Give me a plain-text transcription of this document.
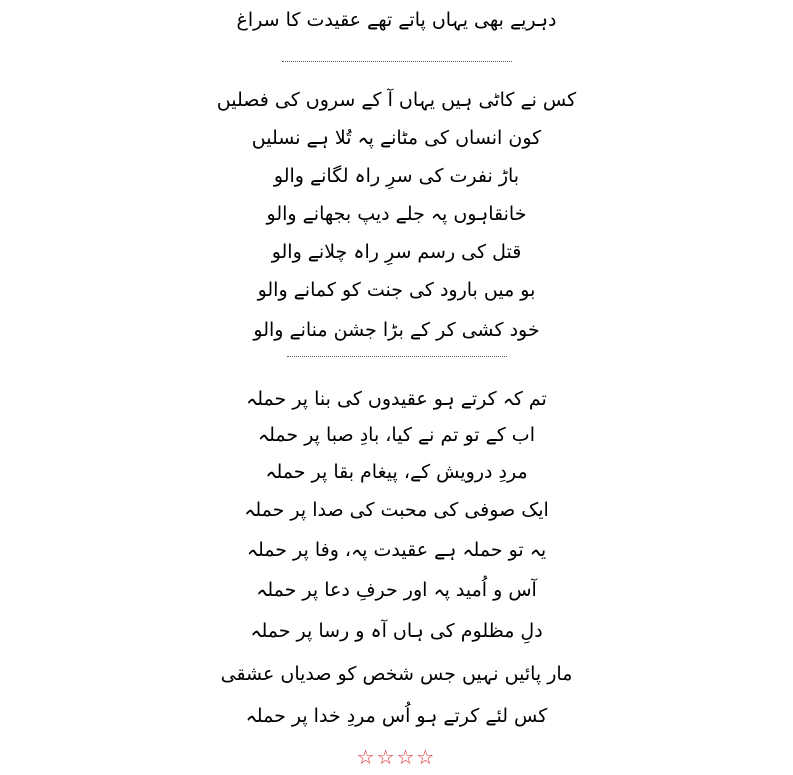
دہریے بھی یہاں پاتے تھے عقیدت کا سراغ
کس نے کاٹی ہیں یہاں آ کے سروں کی فصلیں
کون انساں کی مٹانے پہ تُلا ہے نسلیں
باڑ نفرت کی سرِ راہ لگانے والو
خانقاہوں پہ جلے دیپ بجھانے والو
قتل کی رسم سرِ راہ چلانے والو
بو میں بارود کی جنت کو کمانے والو
خود کشی کر کے بڑا جشن منانے والو
تم کہ کرتے ہو عقیدوں کی بنا پر حملہ
اب کے تو تم نے کیا، بادِ صبا پر حملہ
مردِ درویش کے، پیغام بقا پر حملہ
ایک صوفی کی محبت کی صدا پر حملہ
یہ تو حملہ ہے عقیدت پہ، وفا پر حملہ
آس و اُمید پہ اور حرفِ دعا پر حملہ
دلِ مظلوم کی ہاں آہ و رسا پر حملہ
مار پائیں نہیں جس شخص کو صدیاں عشقی
کس لئے کرتے ہو اُس مردِ خدا پر حملہ
☆☆☆☆
